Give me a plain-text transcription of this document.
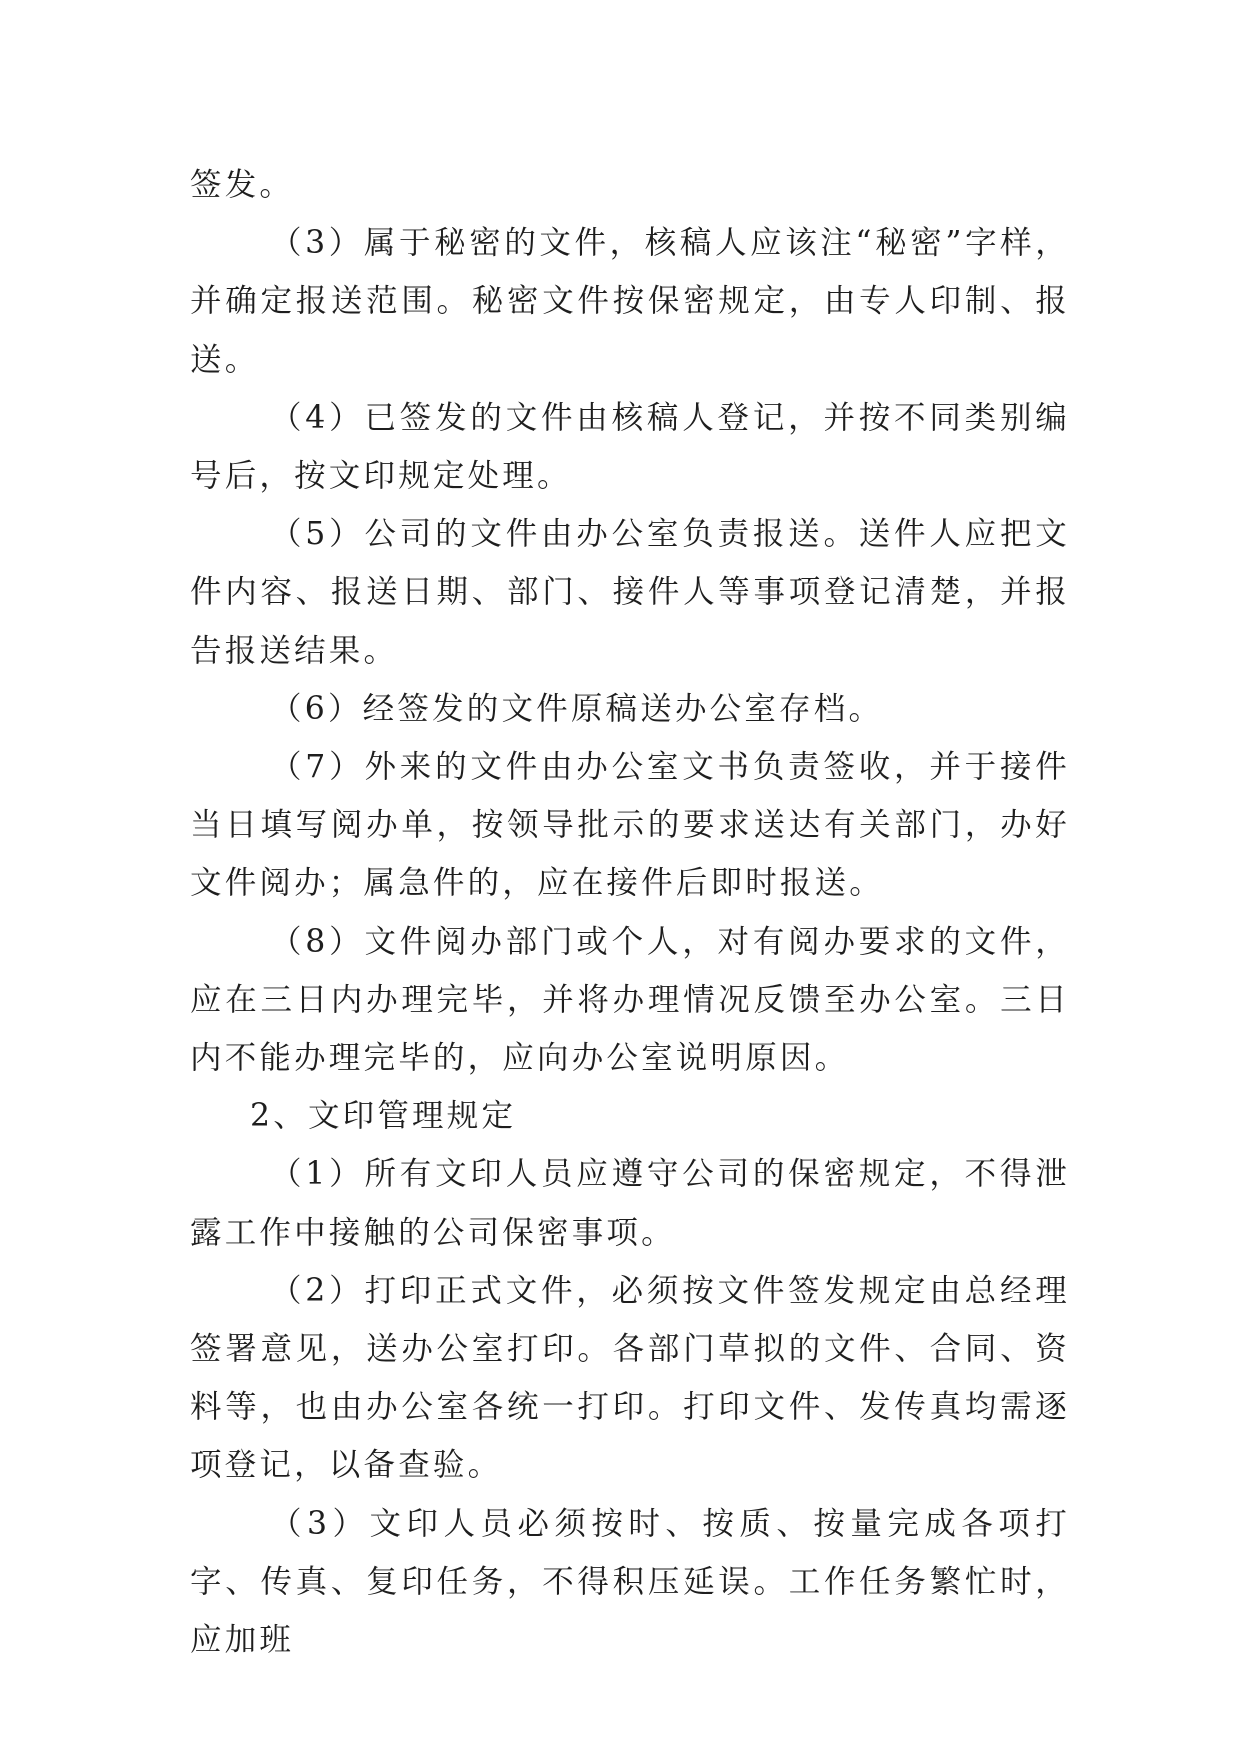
签发。

（3）属于秘密的文件，核稿人应该注“秘密”字样，并确定报送范围。秘密文件按保密规定，由专人印制、报送。

（4）已签发的文件由核稿人登记，并按不同类别编号后，按文印规定处理。

（5）公司的文件由办公室负责报送。送件人应把文件内容、报送日期、部门、接件人等事项登记清楚，并报告报送结果。

（6）经签发的文件原稿送办公室存档。

（7）外来的文件由办公室文书负责签收，并于接件当日填写阅办单，按领导批示的要求送达有关部门，办好文件阅办；属急件的，应在接件后即时报送。

（8）文件阅办部门或个人，对有阅办要求的文件，应在三日内办理完毕，并将办理情况反馈至办公室。三日内不能办理完毕的，应向办公室说明原因。

2、文印管理规定

（1）所有文印人员应遵守公司的保密规定，不得泄露工作中接触的公司保密事项。

（2）打印正式文件，必须按文件签发规定由总经理签署意见，送办公室打印。各部门草拟的文件、合同、资料等，也由办公室各统一打印。打印文件、发传真均需逐项登记，以备查验。

（3）文印人员必须按时、按质、按量完成各项打字、传真、复印任务，不得积压延误。工作任务繁忙时，应加班
